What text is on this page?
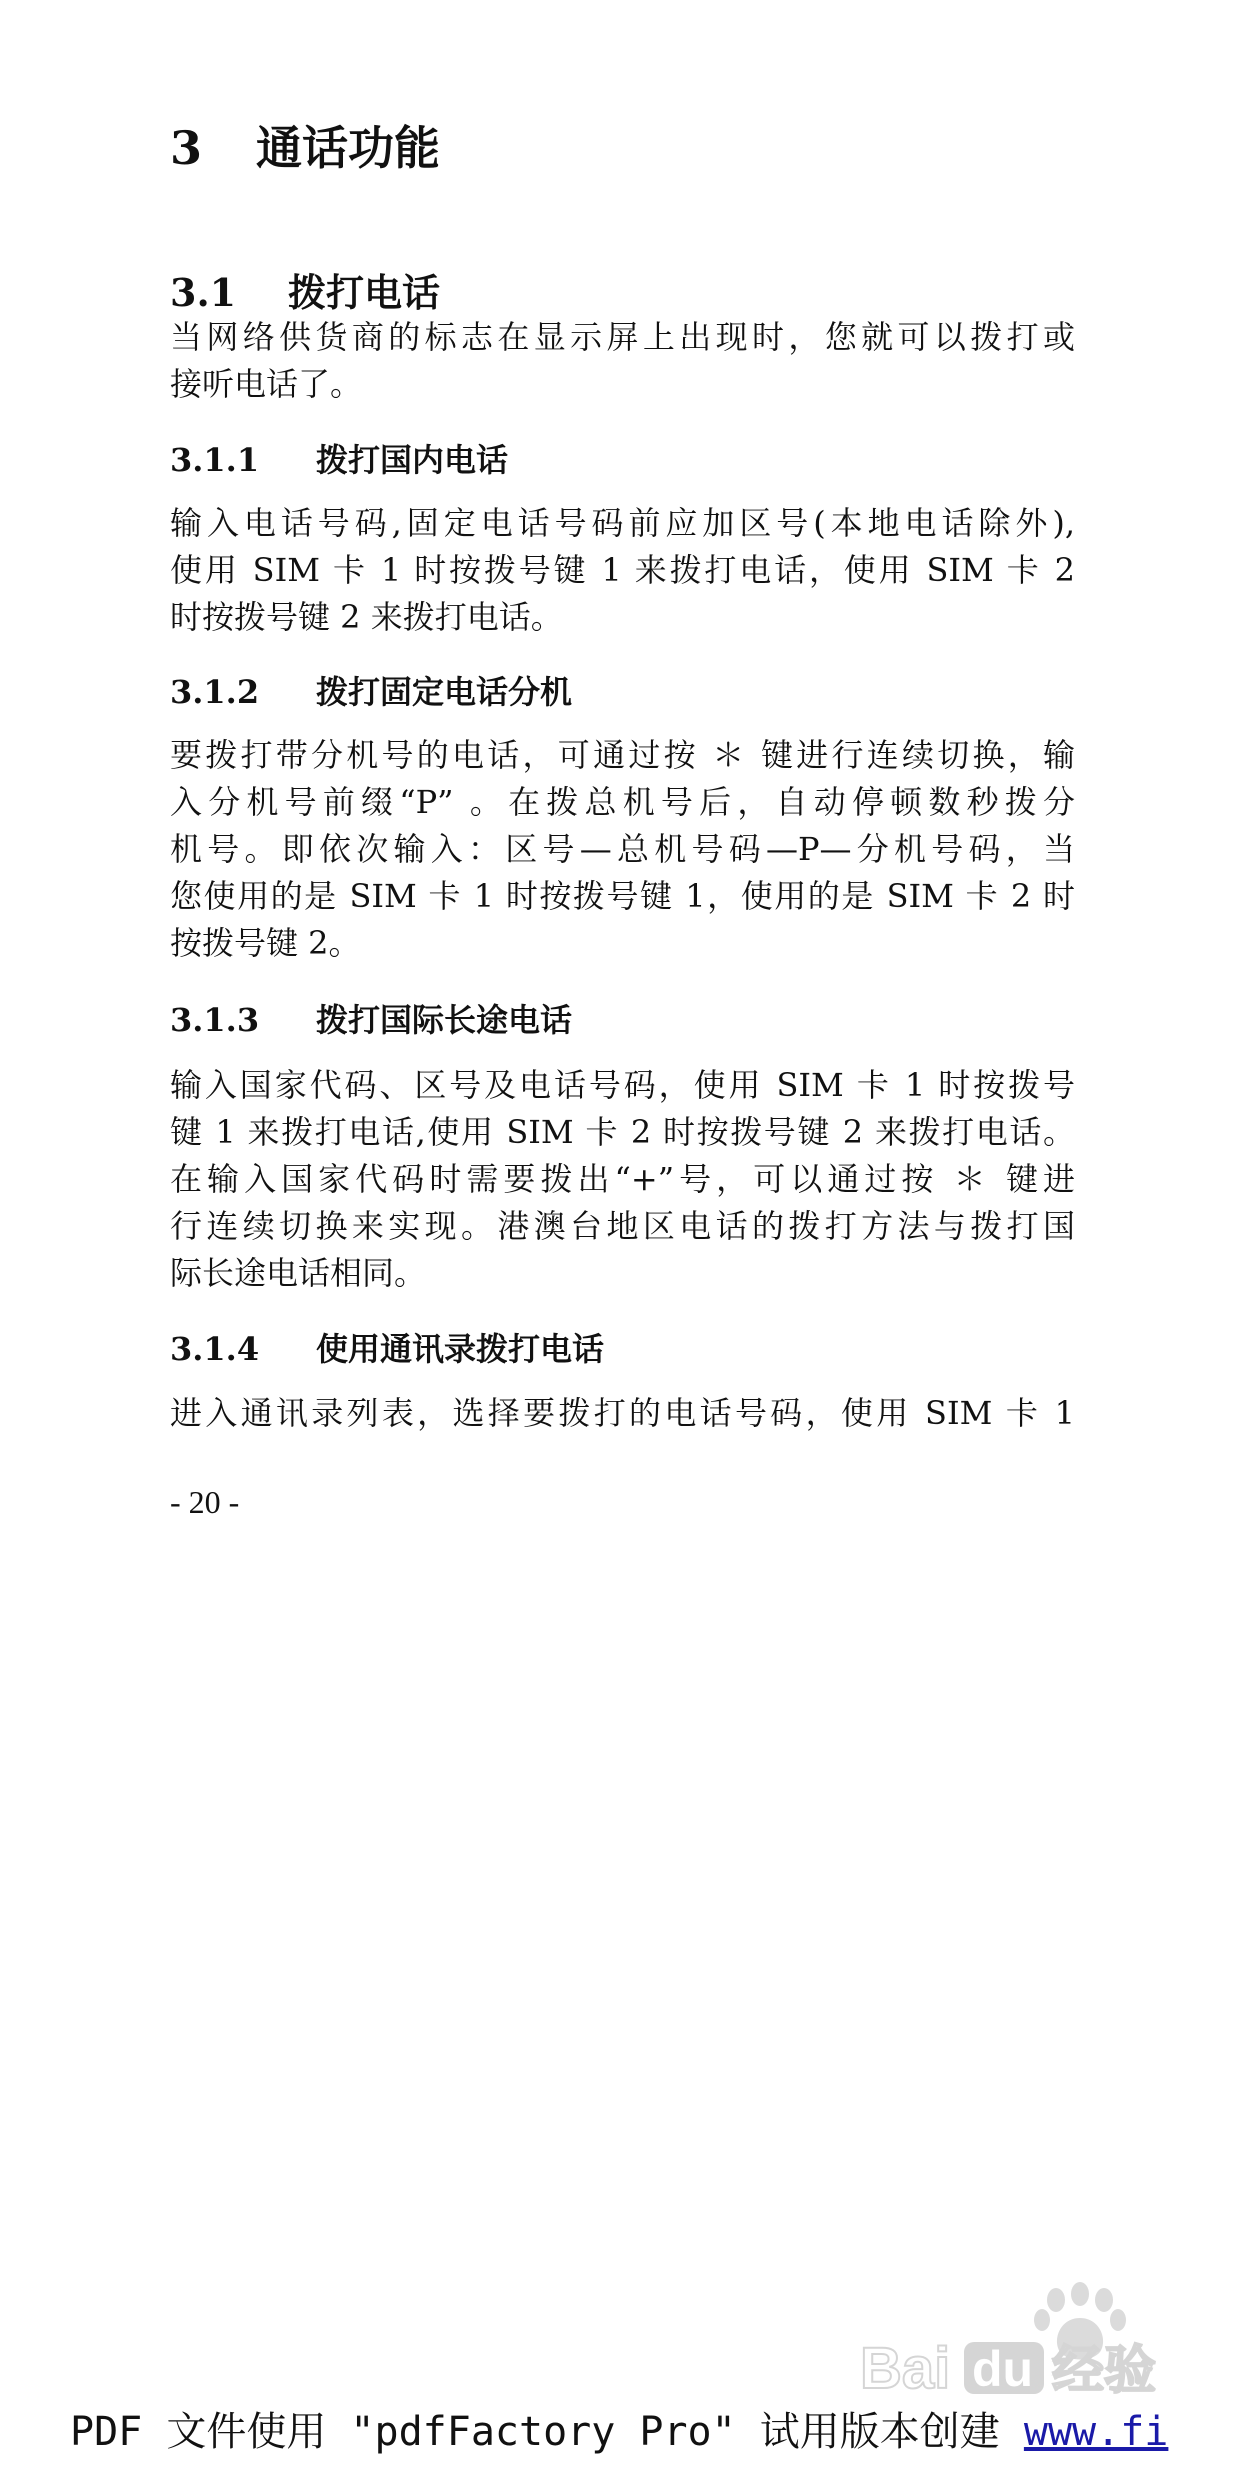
3 通话功能
3.1 拨打电话
当网络供货商的标志在显示屏上出现时，您就可以拨打或
接听电话了。
3.1.1 拨打国内电话
输入电话号码,固定电话号码前应加区号(本地电话除外),
使用 SIM 卡 1 时按拨号键 1 来拨打电话，使用 SIM 卡 2
时按拨号键 2 来拨打电话。
3.1.2 拨打固定电话分机
要拨打带分机号的电话，可通过按 ＊ 键进行连续切换，输
入分机号前缀“P” 。在拨总机号后，自动停顿数秒拨分
机号。即依次输入：区号—总机号码—P—分机号码，当
您使用的是 SIM 卡 1 时按拨号键 1，使用的是 SIM 卡 2 时
按拨号键 2。
3.1.3 拨打国际长途电话
输入国家代码、区号及电话号码，使用 SIM 卡 1 时按拨号
键 1 来拨打电话,使用 SIM 卡 2 时按拨号键 2 来拨打电话。
在输入国家代码时需要拨出“+”号，可以通过按 ＊ 键进
行连续切换来实现。港澳台地区电话的拨打方法与拨打国
际长途电话相同。
3.1.4 使用通讯录拨打电话
进入通讯录列表，选择要拨打的电话号码，使用 SIM 卡 1
- 20 -
Bai du 经验
PDF 文件使用 "pdfFactory Pro" 试用版本创建 www.fi
